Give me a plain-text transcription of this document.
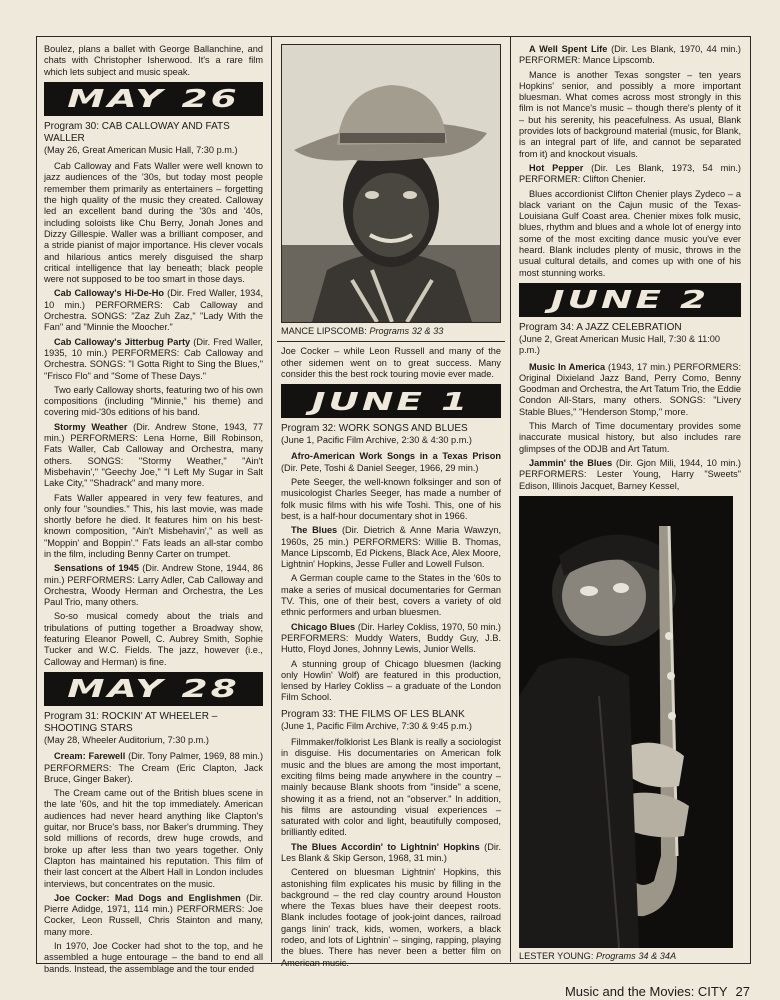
Boulez, plans a ballet with George Ballanchine, and chats with Christopher Isherwood. It's a rare film which lets subject and music speak.

MAY 26
Program 30: CAB CALLOWAY AND FATS WALLER
(May 26, Great American Music Hall, 7:30 p.m.)

Cab Calloway and Fats Waller were well known to jazz audiences of the '30s, but today most people remember them primarily as entertainers – forgetting the high quality of the music they created. Calloway led an excellent band during the '30s and '40s, including soloists like Chu Berry, Jonah Jones and Dizzy Gillespie. Waller was a brilliant composer, and a stride pianist of major importance. His clever vocals and hilarious antics merely disguised the sharp critical intelligence that lay beneath; black people were not supposed to be too smart in those days.

Cab Calloway's Hi-De-Ho (Dir. Fred Waller, 1934, 10 min.) PERFORMERS: Cab Calloway and Orchestra. SONGS: "Zaz Zuh Zaz," "Lady With the Fan" and "Minnie the Moocher."

Cab Calloway's Jitterbug Party (Dir. Fred Waller, 1935, 10 min.) PERFORMERS: Cab Calloway and Orchestra. SONGS: "I Gotta Right to Sing the Blues," "Frisco Flo" and "Some of These Days."

Two early Calloway shorts, featuring two of his own compositions (including "Minnie," his theme) and covering mid-'30s editions of his band.

Stormy Weather (Dir. Andrew Stone, 1943, 77 min.) PERFORMERS: Lena Horne, Bill Robinson, Fats Waller, Cab Calloway and Orchestra, many others. SONGS: "Stormy Weather," "Ain't Misbehavin'," "Geechy Joe," "I Left My Sugar in Salt Lake City," "Shadrack" and many more.

Fats Waller appeared in very few features, and only four "soundies." This, his last movie, was made shortly before he died. It features him on his best-known composition, "Ain't Misbehavin'," as well as "Moppin' and Boppin'." Fats leads an all-star combo in the film, including Benny Carter on trumpet.

Sensations of 1945 (Dir. Andrew Stone, 1944, 86 min.) PERFORMERS: Larry Adler, Cab Calloway and Orchestra, Woody Herman and Orchestra, the Les Paul Trio, many others.

So-so musical comedy about the trials and tribulations of putting together a Broadway show, featuring Eleanor Powell, C. Aubrey Smith, Sophie Tucker and W.C. Fields. The jazz, however (i.e., Calloway and Herman) is fine.

MAY 28
Program 31: ROCKIN' AT WHEELER – SHOOTING STARS
(May 28, Wheeler Auditorium, 7:30 p.m.)

Cream: Farewell (Dir. Tony Palmer, 1969, 88 min.) PERFORMERS: The Cream (Eric Clapton, Jack Bruce, Ginger Baker).

The Cream came out of the British blues scene in the late '60s, and hit the top immediately. American audiences had never heard anything like Clapton's guitar, nor Bruce's bass, nor Baker's drumming. They sold millions of records, drew huge crowds, and broke up after less than two years together. Only Clapton has maintained his reputation. This film of their last concert at the Albert Hall in London includes interviews, but concentrates on the music.

Joe Cocker: Mad Dogs and Englishmen (Dir. Pierre Adidge, 1971, 114 min.) PERFORMERS: Joe Cocker, Leon Russell, Chris Stainton and many, many more.

In 1970, Joe Cocker had shot to the top, and he assembled a huge entourage – the band to end all bands. Instead, the assemblage and the tour ended

MANCE LIPSCOMB: Programs 32 & 33

Joe Cocker – while Leon Russell and many of the other sidemen went on to great success. Many consider this the best rock touring movie ever made.

JUNE 1
Program 32: WORK SONGS AND BLUES
(June 1, Pacific Film Archive, 2:30 & 4:30 p.m.)

Afro-American Work Songs in a Texas Prison (Dir. Pete, Toshi & Daniel Seeger, 1966, 29 min.)

Pete Seeger, the well-known folksinger and son of musicologist Charles Seeger, has made a number of folk music films with his wife Toshi. This, one of his best, is a half-hour documentary shot in 1966.

The Blues (Dir. Dietrich & Anne Maria Wawzyn, 1960s, 25 min.) PERFORMERS: Willie B. Thomas, Mance Lipscomb, Ed Pickens, Black Ace, Alex Moore, Lightnin' Hopkins, Jesse Fuller and Lowell Fulson.

A German couple came to the States in the '60s to make a series of musical documentaries for German TV. This, one of their best, covers a variety of old ethnic performers and urban bluesmen.

Chicago Blues (Dir. Harley Cokliss, 1970, 50 min.) PERFORMERS: Muddy Waters, Buddy Guy, J.B. Hutto, Floyd Jones, Johnny Lewis, Junior Wells.

A stunning group of Chicago bluesmen (lacking only Howlin' Wolf) are featured in this production, lensed by Harley Cokliss – a graduate of the London Film School.

Program 33: THE FILMS OF LES BLANK
(June 1, Pacific Film Archive, 7:30 & 9:45 p.m.)

Filmmaker/folklorist Les Blank is really a sociologist in disguise. His documentaries on American folk music and the blues are among the most important, exciting films being made anywhere in the country – mainly because Blank shoots from "inside" a scene, showing it as a friend, not an "observer." In addition, his films are astounding visual experiences – saturated with color and light, beautifully composed, brilliantly edited.

The Blues Accordin' to Lightnin' Hopkins (Dir. Les Blank & Skip Gerson, 1968, 31 min.)

Centered on bluesman Lightnin' Hopkins, this astonishing film explicates his music by filling in the background – the red clay country around Houston where the Texas blues have their deepest roots. Blank includes footage of jook-joint dances, railroad gangs linin' track, kids, women, workers, a black rodeo, and lots of Lightnin' – singing, rapping, playing the blues. There has never been a better film on American music.

A Well Spent Life (Dir. Les Blank, 1970, 44 min.) PERFORMER: Mance Lipscomb.

Mance is another Texas songster – ten years Hopkins' senior, and possibly a more important bluesman. What comes across most strongly in this film is not Mance's music – though there's plenty of it – but his serenity, his peacefulness. As usual, Blank provides lots of background material (music, for Blank, is an integral part of life, and cannot be separated from it) and knockout visuals.

Hot Pepper (Dir. Les Blank, 1973, 54 min.) PERFORMER: Clifton Chenier.

Blues accordionist Clifton Chenier plays Zydeco – a black variant on the Cajun music of the Texas-Louisiana Gulf Coast area. Chenier mixes folk music, blues, rhythm and blues and a whole lot of energy into some of the most exciting dance music you've ever heard. Blank includes plenty of music, throws in the usual cultural details, and comes up with one of his most stunning works.

JUNE 2
Program 34: A JAZZ CELEBRATION
(June 2, Great American Music Hall, 7:30 & 11:00 p.m.)

Music In America (1943, 17 min.) PERFORMERS: Original Dixieland Jazz Band, Perry Como, Benny Goodman and Orchestra, the Art Tatum Trio, the Eddie Condon All-Stars, many others. SONGS: "Livery Stable Blues," "Henderson Stomp," more.

This March of Time documentary provides some inaccurate musical history, but also includes rare glimpses of the ODJB and Art Tatum.

Jammin' the Blues (Dir. Gjon Mili, 1944, 10 min.) PERFORMERS: Lester Young, Harry "Sweets" Edison, Illinois Jacquet, Barney Kessel,

LESTER YOUNG: Programs 34 & 34A
Music and the Movies: CITY 27
